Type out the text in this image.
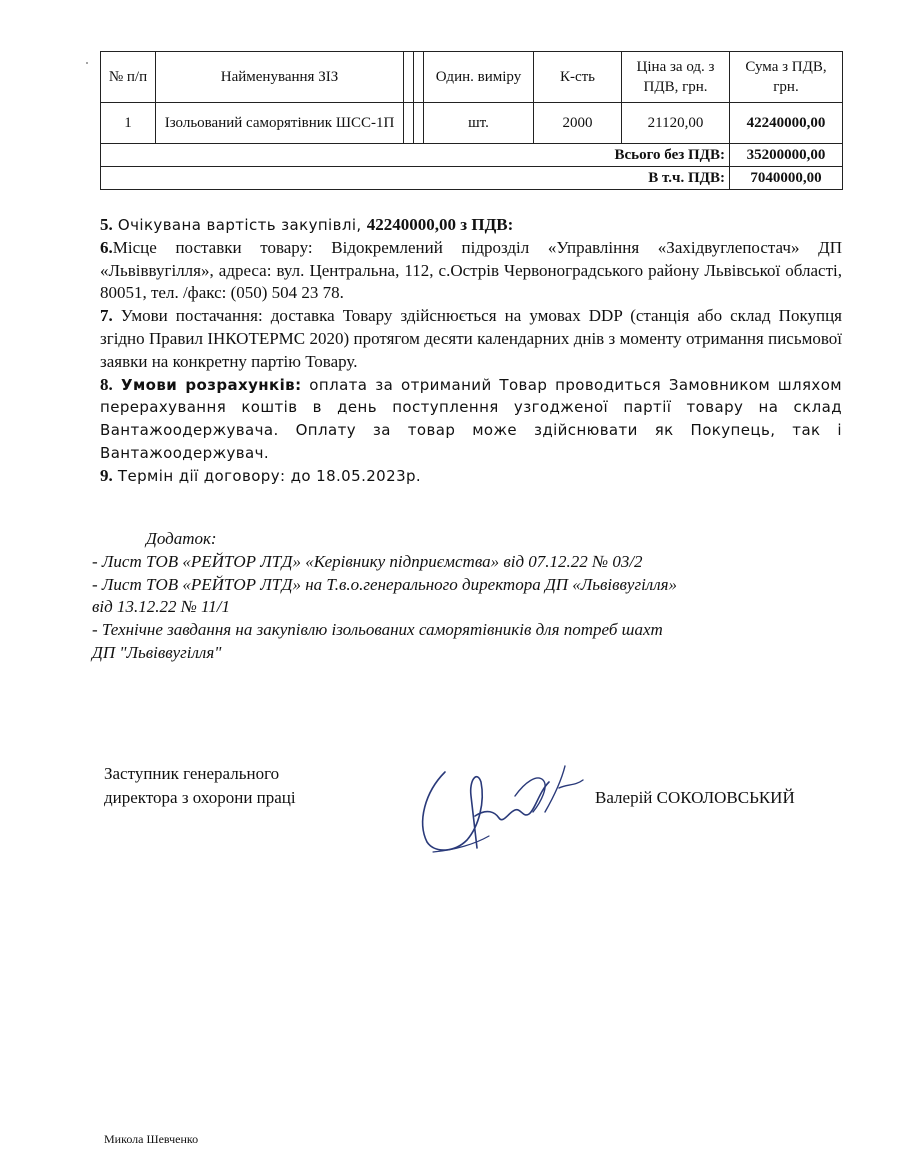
№ п/п	Найменування ЗІЗ			Один. виміру	К-сть	Ціна за од. з ПДВ, грн.	Сума з ПДВ, грн.
1	Ізольований саморятівник ШСС-1П			шт.	2000	21120,00	42240000,00
Всього без ПДВ:							35200000,00
В т.ч. ПДВ:							7040000,00

5. Очікувана вартість закупівлі, 42240000,00 з ПДВ:

6.Місце поставки товару: Відокремлений підрозділ «Управління «Західвуглепостач» ДП «Львіввугілля», адреса: вул. Центральна, 112, с.Острів Червоноградського району Львівської області, 80051, тел. /факс: (050) 504 23 78.

7. Умови постачання: доставка Товару здійснюється на умовах DDP (станція або склад Покупця згідно Правил ІНКОТЕРМС 2020) протягом десяти календарних днів з моменту отримання письмової заявки на конкретну партію Товару.

8. Умови розрахунків: оплата за отриманий Товар проводиться Замовником шляхом перерахування коштів в день поступлення узгодженої партії товару на склад Вантажоодержувача. Оплату за товар може здійснювати як Покупець, так і Вантажоодержувач.

9. Термін дії договору: до 18.05.2023р.

Додаток:

- Лист ТОВ «РЕЙТОР ЛТД» «Керівнику підприємства» від 07.12.22 № 03/2

- Лист ТОВ «РЕЙТОР ЛТД» на Т.в.о.генерального директора ДП «Львіввугілля»

від 13.12.22 № 11/1

- Технічне завдання на закупівлю ізольованих саморятівників для потреб шахт

ДП "Львіввугілля"

Заступник генерального
директора з охорони праці	Валерій СОКОЛОВСЬКИЙ
Микола Шевченко
